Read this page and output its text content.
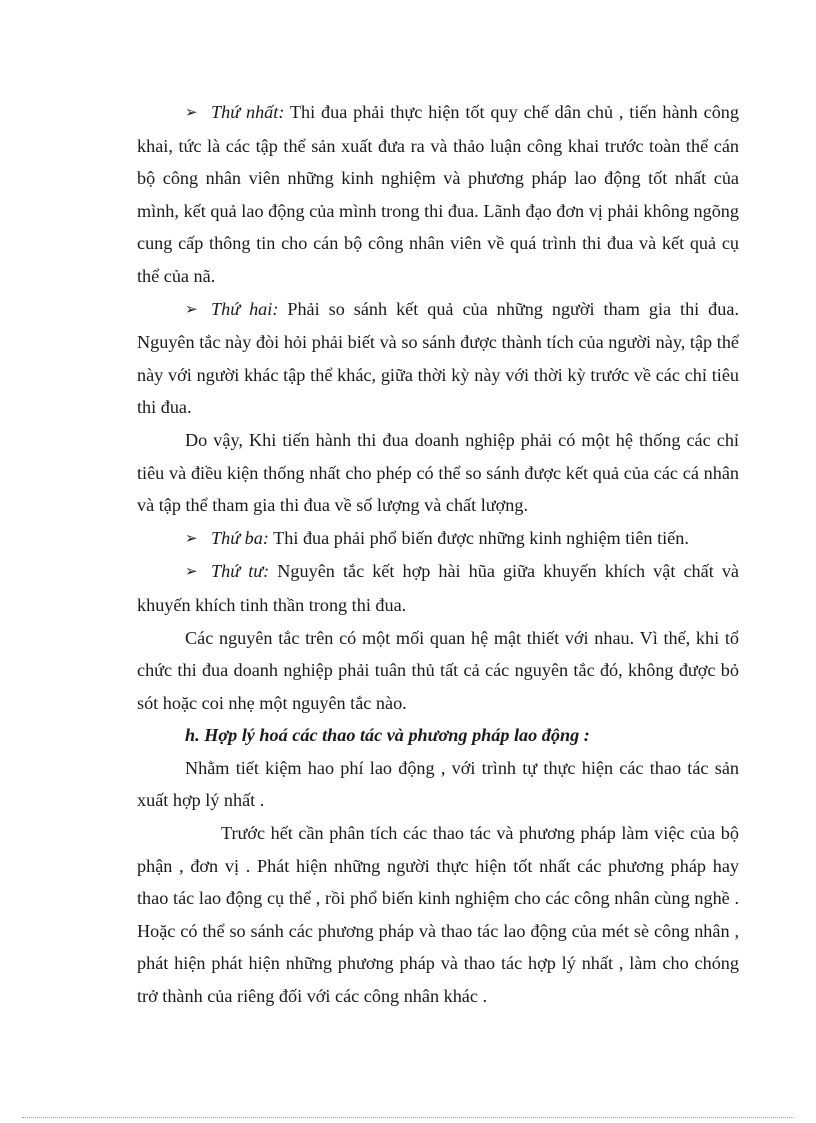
➢ Thứ nhất: Thi đua phải thực hiện tốt quy chế dân chủ , tiến hành công khai, tức là các tập thể sản xuất đưa ra và thảo luận công khai trước toàn thể cán bộ công nhân viên những kinh nghiệm và phương pháp lao động tốt nhất của mình, kết quả lao động của mình trong thi đua. Lãnh đạo đơn vị phải không ngõng cung cấp thông tin cho cán bộ công nhân viên về quá trình thi đua và kết quả cụ thể của nã.

➢ Thứ hai: Phải so sánh kết quả của những người tham gia thi đua. Nguyên tắc này đòi hỏi phải biết và so sánh được thành tích của người này, tập thể này với người khác tập thể khác, giữa thời kỳ này với thời kỳ trước về các chỉ tiêu thi đua.

Do vậy, Khi tiến hành thi đua doanh nghiệp phải có một hệ thống các chỉ tiêu và điều kiện thống nhất cho phép có thể so sánh được kết quả của các cá nhân và tập thể tham gia thi đua về số lượng và chất lượng.

➢ Thứ ba: Thi đua phải phổ biến được những kinh nghiệm tiên tiến.

➢ Thứ tư: Nguyên tắc kết hợp hài hũa giữa khuyến khích vật chất và khuyến khích tinh thần trong thi đua.

Các nguyên tắc trên có một mối quan hệ mật thiết với nhau. Vì thế, khi tổ chức thi đua doanh nghiệp phải tuân thủ tất cả các nguyên tắc đó, không được bỏ sót hoặc coi nhẹ một nguyên tắc nào.

h. Hợp lý hoá các thao tác và phương pháp lao động :

Nhằm tiết kiệm hao phí lao động , với trình tự thực hiện các thao tác sản xuất hợp lý nhất .

Trước hết cần phân tích các thao tác và phương pháp làm việc của bộ phận , đơn vị . Phát hiện những người thực hiện tốt nhất các phương pháp hay thao tác lao động cụ thể , rồi phổ biến kinh nghiệm cho các công nhân cùng nghề . Hoặc có thể so sánh các phương pháp và thao tác lao động của mét sè công nhân , phát hiện phát hiện những phương pháp và thao tác hợp lý nhất , làm cho chóng trở thành của riêng đối với các công nhân khác .
